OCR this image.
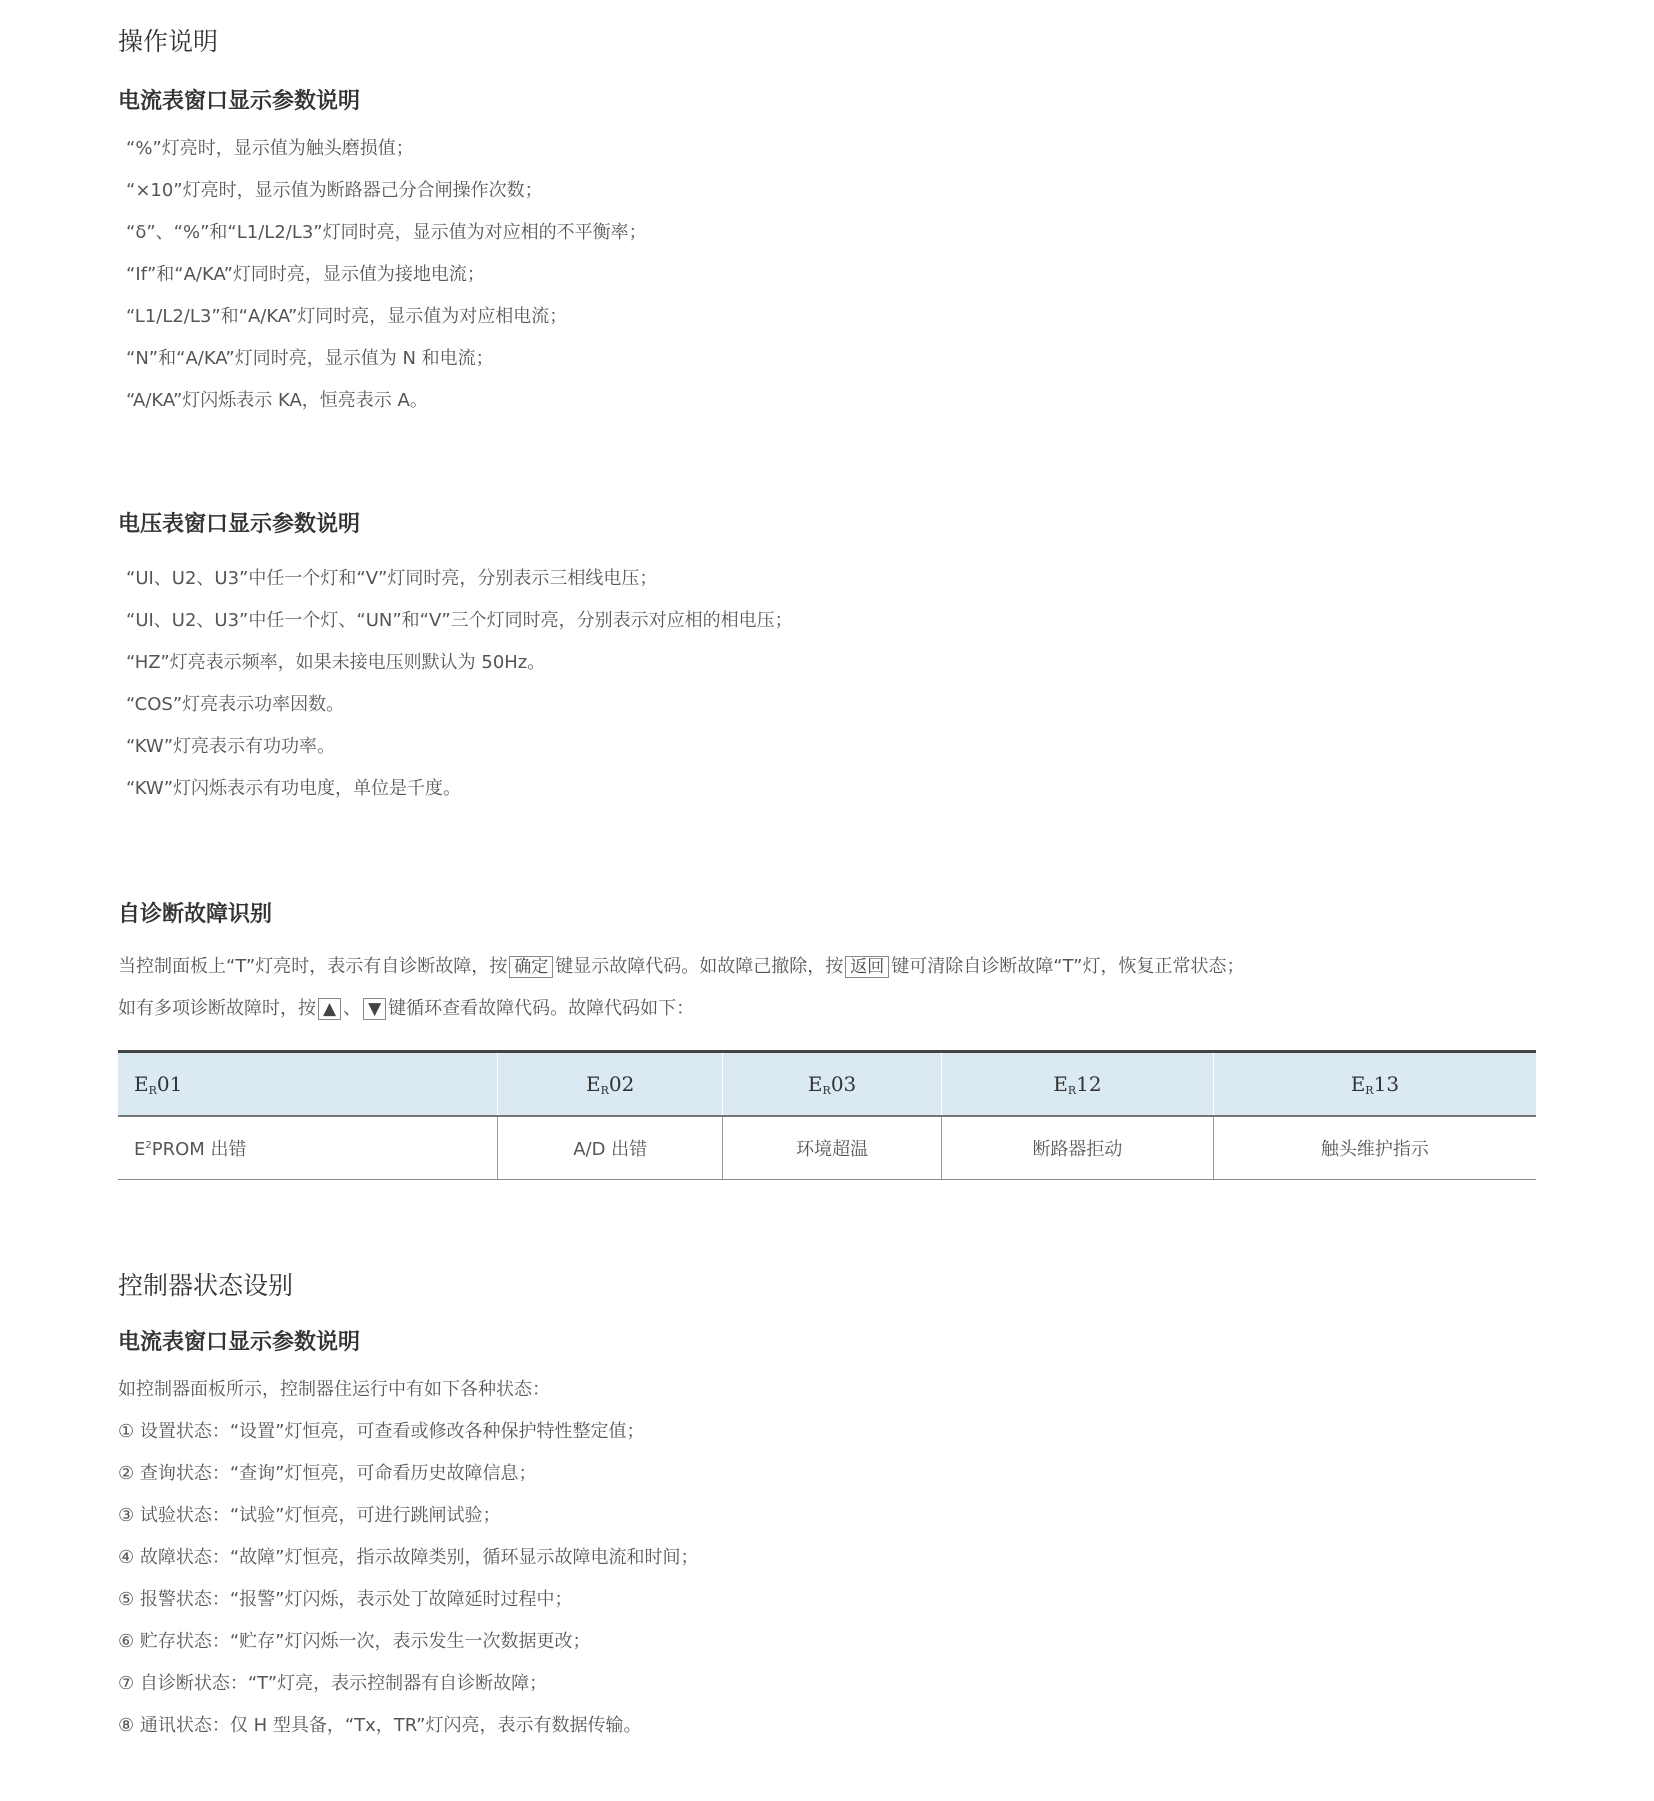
操作说明
电流表窗口显示参数说明

“%”灯亮时，显示值为触头磨损值；

“×10”灯亮时，显示值为断路器己分合闸操作次数；

“δ”、“%”和“L1/L2/L3”灯同时亮，显示值为对应相的不平衡率；

“If”和“A/KA”灯同时亮，显示值为接地电流；

“L1/L2/L3”和“A/KA”灯同时亮，显示值为对应相电流；

“N”和“A/KA”灯同时亮，显示值为 N 和电流；

“A/KA”灯闪烁表示 KA，恒亮表示 A。

电压表窗口显示参数说明

“UI、U2、U3”中任一个灯和“V”灯同时亮，分别表示三相线电压；

“UI、U2、U3”中任一个灯、“UN”和“V”三个灯同时亮，分别表示对应相的相电压；

“HZ”灯亮表示频率，如果未接电压则默认为 50Hz。

“COS”灯亮表示功率因数。

“KW”灯亮表示有功功率。

“KW”灯闪烁表示有功电度，单位是千度。

自诊断故障识别

当控制面板上“T”灯亮时，表示有自诊断故障，按 确定 键显示故障代码。如故障己撤除，按 返回 键可清除自诊断故障“T”灯，恢复正常状态；

如有多项诊断故障时，按 ▲ 、 ▼ 键循环查看故障代码。故障代码如下：

$E_R01$	$E_R02$	$E_R03$	$E_R12$	$E_R13$
$E^2PROM$ 出错	A/D 出错	环境超温	断路器拒动	触头维护指示
控制器状态设别
电流表窗口显示参数说明

如控制器面板所示，控制器住运行中有如下各种状态：

① 设置状态：“设置”灯恒亮，可查看或修改各种保护特性整定值；

② 查询状态：“查询”灯恒亮，可命看历史故障信息；

③ 试验状态：“试验”灯恒亮，可进行跳闸试验；

④ 故障状态：“故障”灯恒亮，指示故障类别，循环显示故障电流和时间；

⑤ 报警状态：“报警”灯闪烁，表示处丁故障延时过程中；

⑥ 贮存状态：“贮存”灯闪烁一次，表示发生一次数据更改；

⑦ 自诊断状态：“T”灯亮，表示控制器有自诊断故障；

⑧ 通讯状态：仅 H 型具备，“Tx，TR”灯闪亮，表示有数据传输。
